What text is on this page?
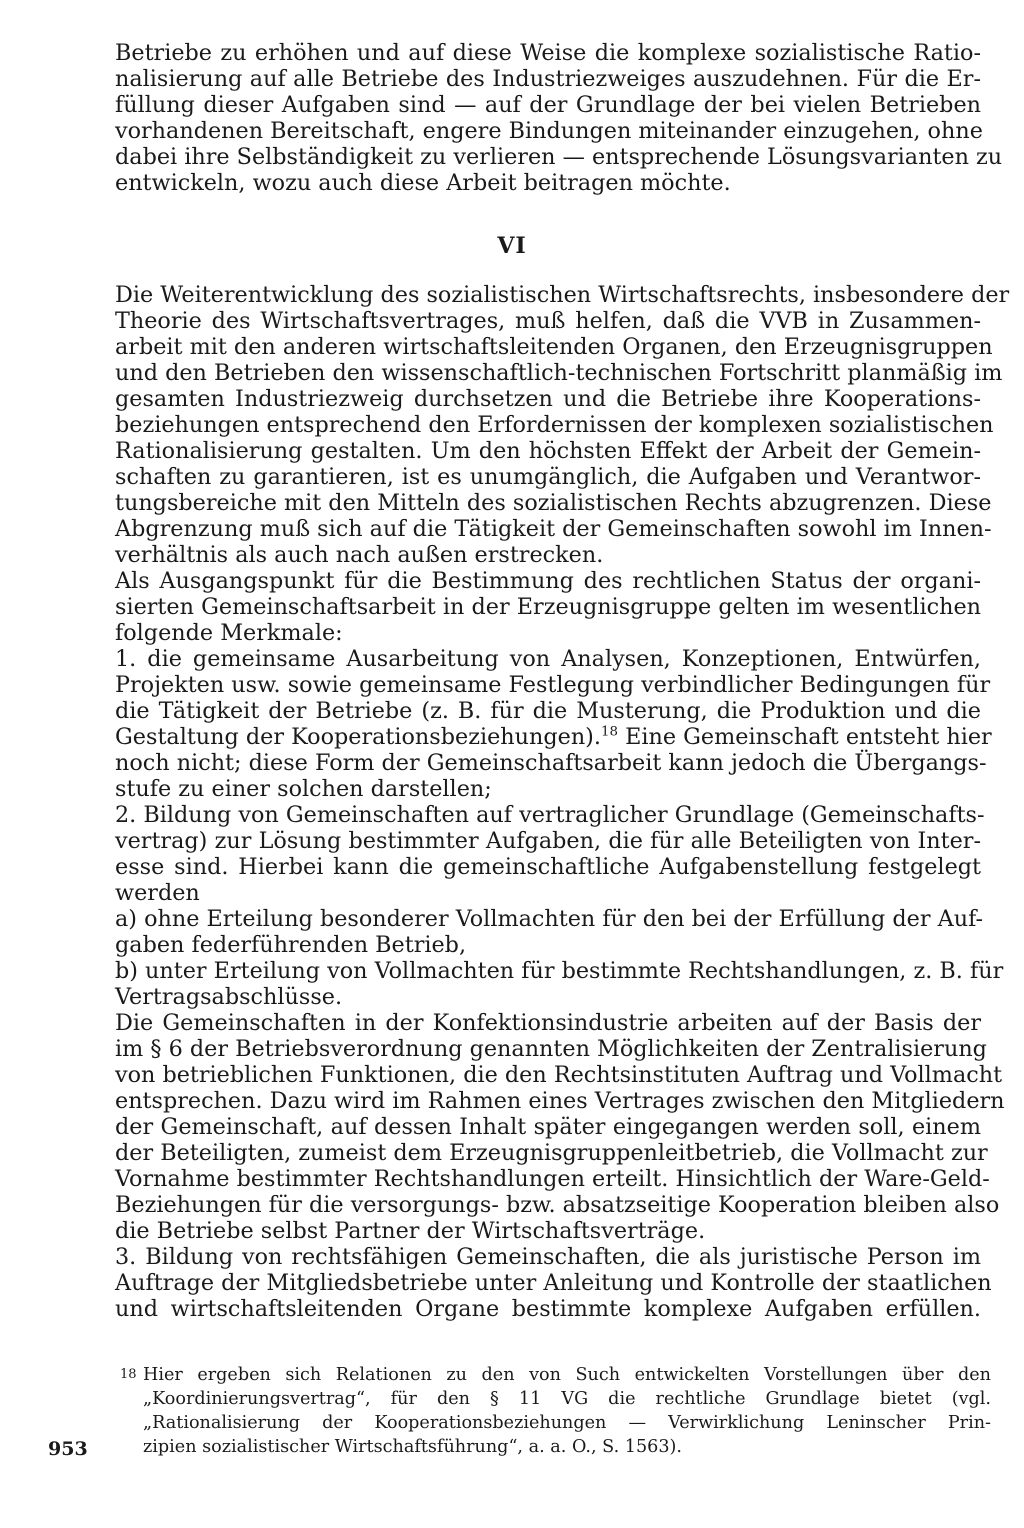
Betriebe zu erhöhen und auf diese Weise die komplexe sozialistische Ratio-

nalisierung auf alle Betriebe des Industriezweiges auszudehnen. Für die Er-

füllung dieser Aufgaben sind — auf der Grundlage der bei vielen Betrieben

vorhandenen Bereitschaft, engere Bindungen miteinander einzugehen, ohne

dabei ihre Selbständigkeit zu verlieren — entsprechende Lösungsvarianten zu

entwickeln, wozu auch diese Arbeit beitragen möchte.

VI

Die Weiterentwicklung des sozialistischen Wirtschaftsrechts, insbesondere der

Theorie des Wirtschaftsvertrages, muß helfen, daß die VVB in Zusammen-

arbeit mit den anderen wirtschaftsleitenden Organen, den Erzeugnisgruppen

und den Betrieben den wissenschaftlich-technischen Fortschritt planmäßig im

gesamten Industriezweig durchsetzen und die Betriebe ihre Kooperations-

beziehungen entsprechend den Erfordernissen der komplexen sozialistischen

Rationalisierung gestalten. Um den höchsten Effekt der Arbeit der Gemein-

schaften zu garantieren, ist es unumgänglich, die Aufgaben und Verantwor-

tungsbereiche mit den Mitteln des sozialistischen Rechts abzugrenzen. Diese

Abgrenzung muß sich auf die Tätigkeit der Gemeinschaften sowohl im Innen-

verhältnis als auch nach außen erstrecken.

Als Ausgangspunkt für die Bestimmung des rechtlichen Status der organi-

sierten Gemeinschaftsarbeit in der Erzeugnisgruppe gelten im wesentlichen

folgende Merkmale:

1. die gemeinsame Ausarbeitung von Analysen, Konzeptionen, Entwürfen,

Projekten usw. sowie gemeinsame Festlegung verbindlicher Bedingungen für

die Tätigkeit der Betriebe (z. B. für die Musterung, die Produktion und die

Gestaltung der Kooperationsbeziehungen).$^{18}$ Eine Gemeinschaft entsteht hier

noch nicht; diese Form der Gemeinschaftsarbeit kann jedoch die Übergangs-

stufe zu einer solchen darstellen;

2. Bildung von Gemeinschaften auf vertraglicher Grundlage (Gemeinschafts-

vertrag) zur Lösung bestimmter Aufgaben, die für alle Beteiligten von Inter-

esse sind. Hierbei kann die gemeinschaftliche Aufgabenstellung festgelegt

werden

a) ohne Erteilung besonderer Vollmachten für den bei der Erfüllung der Auf-

gaben federführenden Betrieb,

b) unter Erteilung von Vollmachten für bestimmte Rechtshandlungen, z. B. für

Vertragsabschlüsse.

Die Gemeinschaften in der Konfektionsindustrie arbeiten auf der Basis der

im § 6 der Betriebsverordnung genannten Möglichkeiten der Zentralisierung

von betrieblichen Funktionen, die den Rechtsinstituten Auftrag und Vollmacht

entsprechen. Dazu wird im Rahmen eines Vertrages zwischen den Mitgliedern

der Gemeinschaft, auf dessen Inhalt später eingegangen werden soll, einem

der Beteiligten, zumeist dem Erzeugnisgruppenleitbetrieb, die Vollmacht zur

Vornahme bestimmter Rechtshandlungen erteilt. Hinsichtlich der Ware-Geld-

Beziehungen für die versorgungs- bzw. absatzseitige Kooperation bleiben also

die Betriebe selbst Partner der Wirtschaftsverträge.

3. Bildung von rechtsfähigen Gemeinschaften, die als juristische Person im

Auftrage der Mitgliedsbetriebe unter Anleitung und Kontrolle der staatlichen

und wirtschaftsleitenden Organe bestimmte komplexe Aufgaben erfüllen.

18 Hier ergeben sich Relationen zu den von Such entwickelten Vorstellungen über den

„Koordinierungsvertrag“, für den § 11 VG die rechtliche Grundlage bietet (vgl.

„Rationalisierung der Kooperationsbeziehungen — Verwirklichung Leninscher Prin-

zipien sozialistischer Wirtschaftsführung“, a. a. O., S. 1563).

953
